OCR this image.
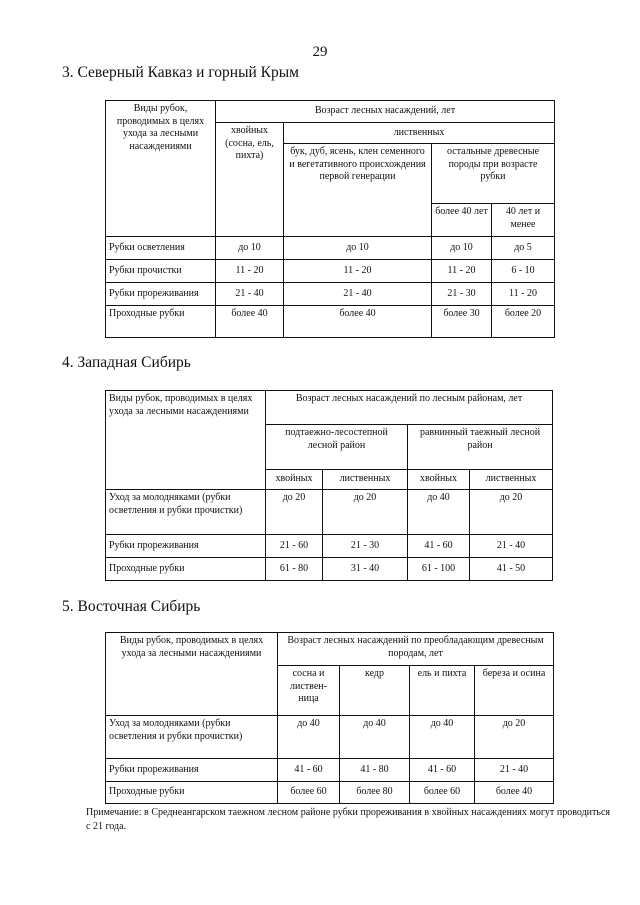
29
3. Северный Кавказ и горный Крым
Виды рубок, проводимых в целях ухода за лесными насаждениями	Возраст лесных насаждений, лет			
	хвойных (сосна, ель, пихта)	лиственных		
		бук, дуб, ясень, клен семенного и вегетативного происхождения первой генерации	остальные древесные породы при возрасте рубки	
			более 40 лет	40 лет и менее
Рубки осветления	до 10	до 10	до 10	до 5
Рубки прочистки	11 - 20	11 - 20	11 - 20	6 - 10
Рубки прореживания	21 - 40	21 - 40	21 - 30	11 - 20
Проходные рубки	более 40	более 40	более 30	более 20
4. Западная Сибирь
Виды рубок, проводимых в целях ухода за лесными насаждениями	Возраст лесных насаждений по лесным районам, лет			
	подтаежно-лесостепной лесной район		равнинный таежный лесной район	
	хвойных	лиственных	хвойных	лиственных
Уход за молодняками (рубки осветления и рубки прочистки)	до 20	до 20	до 40	до 20
Рубки прореживания	21 - 60	21 - 30	41 - 60	21 - 40
Проходные рубки	61 - 80	31 - 40	61 - 100	41 - 50
5. Восточная Сибирь
Виды рубок, проводимых в целях ухода за лесными насаждениями	Возраст лесных насаждений по преобладающим древесным породам, лет			
	сосна и листвен-ница	кедр	ель и пихта	береза и осина
Уход за молодняками (рубки осветления и рубки прочистки)	до 40	до 40	до 40	до 20
Рубки прореживания	41 - 60	41 - 80	41 - 60	21 - 40
Проходные рубки	более 60	более 80	более 60	более 40
Примечание: в Среднеангарском таежном лесном районе рубки прореживания в хвойных насаждениях могут проводиться с 21 года.
